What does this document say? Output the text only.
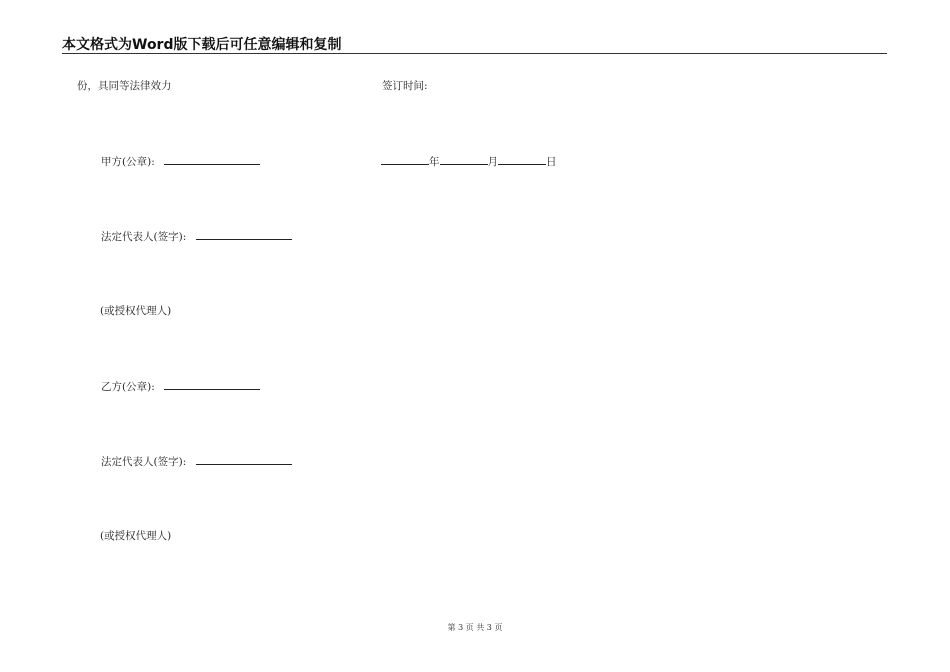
本文格式为Word版下载后可任意编辑和复制
份，具同等法律效力	签订时间:
甲方(公章):	年	月	日
法定代表人(签字):
(或授权代理人)
乙方(公章):
法定代表人(签字):
(或授权代理人)
第 3 页 共 3 页
